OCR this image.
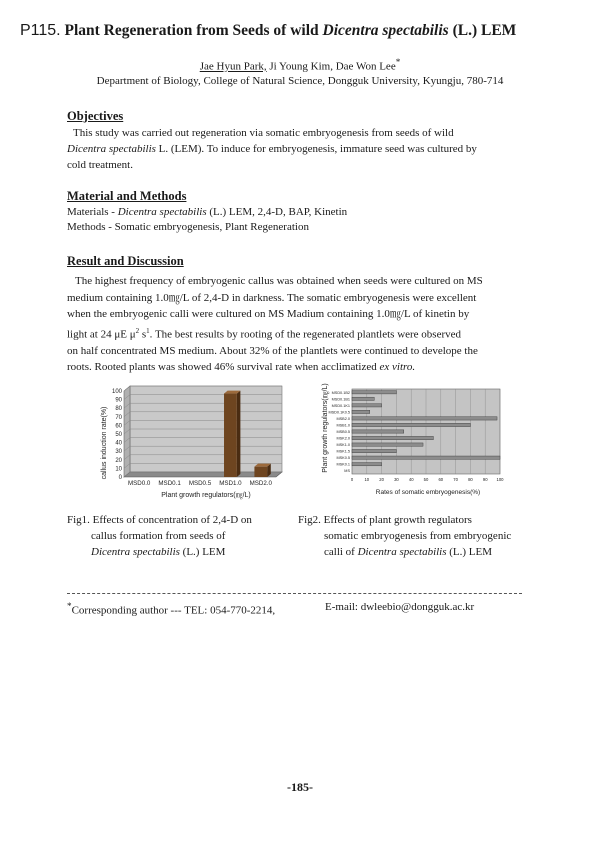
P115. Plant Regeneration from Seeds of wild Dicentra spectabilis (L.) LEM
Jae Hyun Park, Ji Young Kim, Dae Won Lee*
Department of Biology, College of Natural Science, Dongguk University, Kyungju, 780-714
Objectives
This study was carried out regeneration via somatic embryogenesis from seeds of wild
Dicentra spectabilis L. (LEM). To induce for embryogenesis, immature seed was cultured by
cold treatment.
Material and Methods
Materials - Dicentra spectabilis (L.) LEM, 2,4-D, BAP, Kinetin
Methods - Somatic embryogenesis, Plant Regeneration
Result and Discussion
The highest frequency of embryogenic callus was obtained when seeds were cultured on MS
medium containing 1.0㎎/L of 2,4-D in darkness. The somatic embryogenesis were excellent
when the embryogenic calli were cultured on MS Madium containing 1.0㎎/L of kinetin by
light at 24 μE $\mu^2$ $s^1$. The best results by rooting of the regenerated plantlets were observed
on half concentrated MS medium. About 32% of the plantlets were continued to develope the
roots. Rooted plants was showed 46% survival rate when acclimatized ex vitro.
callus induction rate(%) 0
10
20
30
40
50
60
70
80
90
100
MSD0.0 MSD0.1 MSD0.5 MSD1.0 MSD2.0
Plant growth regulators(㎎/L)
Plant growth regulators(㎎/L) MSD0.1B2
MSD0.1B1
MSD0.1K1
MSD0.1K0.5
MSB2.0
MSB1.0
MSB0.5
MSK2.0
MSK1.0
MSK1.5
MSK0.5
MSK0.1
MS
0	10 20 30 40 50 60 70 80 90 100
Rates of somatic embryogenesis(%)
Fig1. Effects of concentration of 2,4-D on
callus formation from seeds of
Dicentra spectabilis (L.) LEM
Fig2. Effects of plant growth regulators
somatic embryogenesis from embryogenic
calli of Dicentra spectabilis (L.) LEM
*Corresponding author --- TEL: 054-770-2214,	E-mail: dwleebio@dongguk.ac.kr
-185-
